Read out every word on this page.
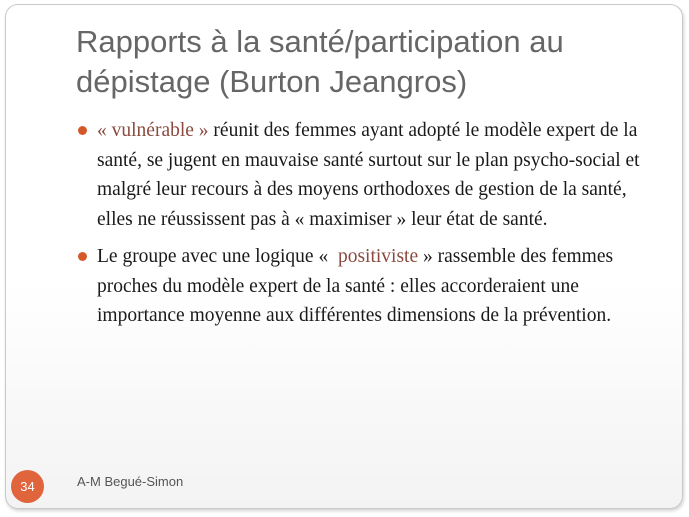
Rapports à la santé/participation au dépistage (Burton Jeangros)

« vulnérable » réunit des femmes ayant adopté le modèle expert de la santé, se jugent en mauvaise santé surtout sur le plan psycho-social et malgré leur recours à des moyens orthodoxes de gestion de la santé, elles ne réussissent pas à « maximiser » leur état de santé.

Le groupe avec une logique «  positiviste » rassemble des femmes proches du modèle expert de la santé : elles accorderaient une importance moyenne aux différentes dimensions de la prévention.

34	A-M Begué-Simon
